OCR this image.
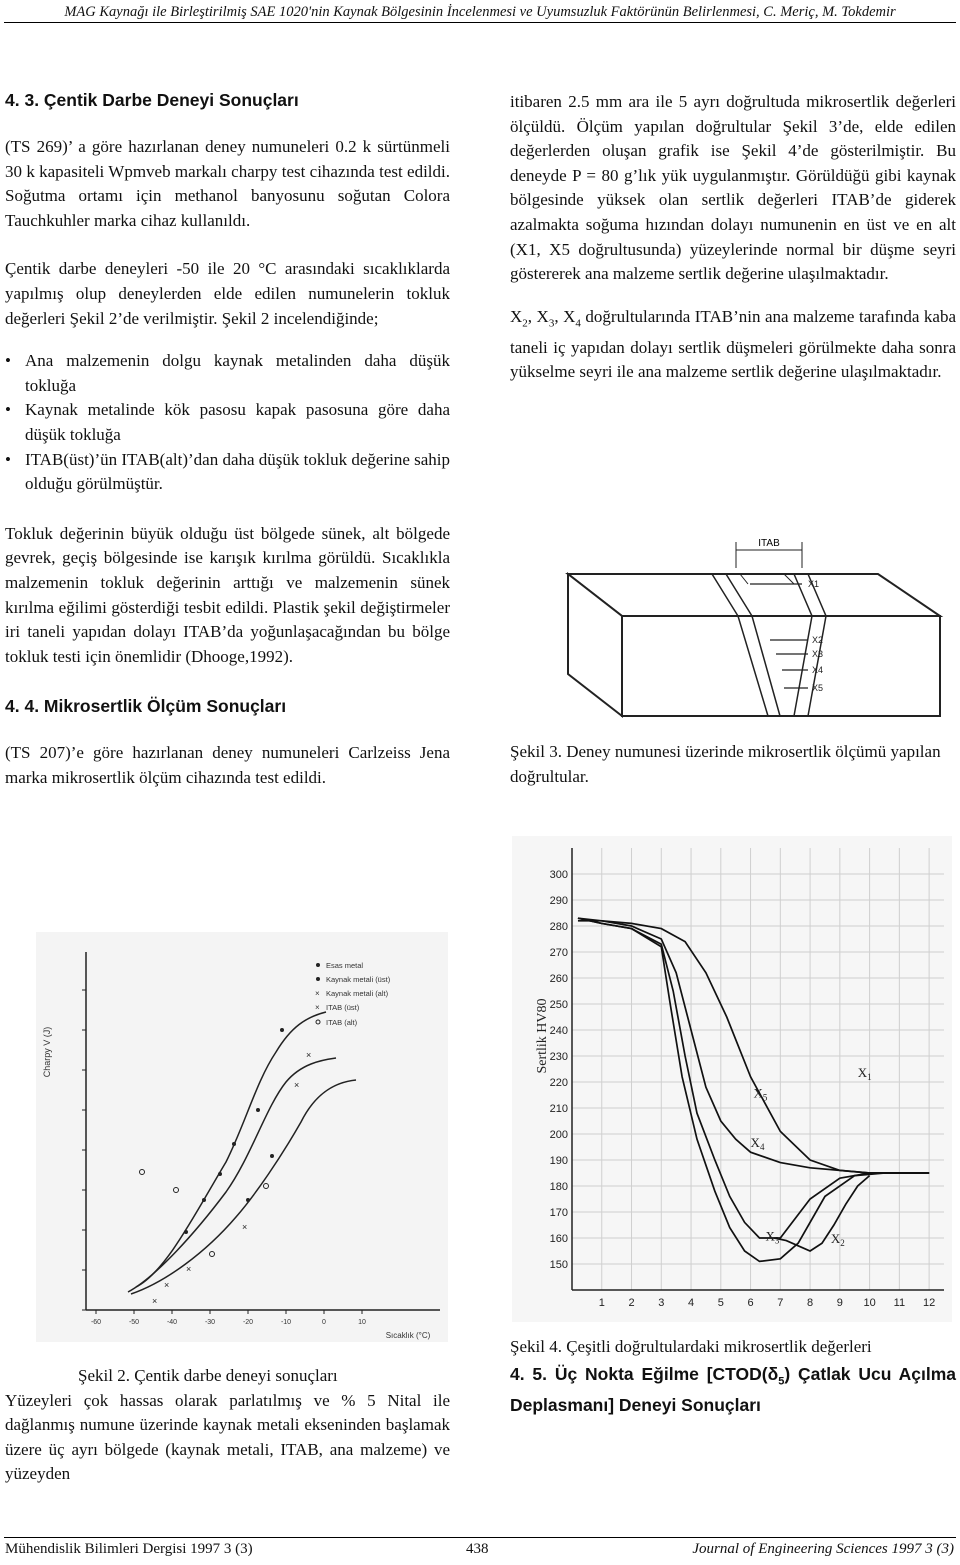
MAG Kaynağı ile Birleştirilmiş SAE 1020'nin Kaynak Bölgesinin İncelenmesi ve Uyumsuzluk Faktörünün Belirlenmesi, C. Meriç, M. Tokdemir
4. 3. Çentik Darbe Deneyi Sonuçları

(TS 269)’ a göre hazırlanan deney numuneleri 0.2 k sürtünmeli 30 k kapasiteli Wpmveb markalı charpy test cihazında test edildi. Soğutma ortamı için methanol banyosunu soğutan Colora Tauchkuhler marka cihaz kullanıldı.

Çentik darbe deneyleri -50 ile 20 °C arasındaki sıcaklıklarda yapılmış olup deneylerden elde edilen numunelerin tokluk değerleri Şekil 2’de verilmiştir. Şekil 2 incelendiğinde;

• Ana malzemenin dolgu kaynak metalinden daha düşük tokluğa

• Kaynak metalinde kök pasosu kapak pasosuna göre daha düşük tokluğa

• ITAB(üst)’ün ITAB(alt)’dan daha düşük tokluk değerine sahip olduğu görülmüştür.

Tokluk değerinin büyük olduğu üst bölgede sünek, alt bölgede gevrek, geçiş bölgesinde ise karışık kırılma görüldü. Sıcaklıkla malzemenin tokluk değerinin arttığı ve malzemenin sünek kırılma eğilimi gösterdiği tesbit edildi. Plastik şekil değiştirmeler iri taneli yapıdan dolayı ITAB’da yoğunlaşacağından bu bölge tokluk testi için önemlidir (Dhooge,1992).

4. 4. Mikrosertlik Ölçüm Sonuçları

(TS 207)’e göre hazırlanan deney numuneleri Carlzeiss Jena marka mikrosertlik ölçüm cihazında test edildi.

-60	-50	-40	-30	-20	-10	0	10
Charpy V (J)
Sıcaklık (°C)
Esas metal
Kaynak metali (üst)
× Kaynak metali (alt)
× ITAB (üst)
ITAB (alt)
×
×
×
×
×
×
Şekil 2. Çentik darbe deneyi sonuçları

Yüzeyleri çok hassas olarak parlatılmış ve % 5 Nital ile dağlanmış numune üzerinde kaynak metali ekseninden başlamak üzere üç ayrı bölgede (kaynak metali, ITAB, ana malzeme) ve yüzeyden

itibaren 2.5 mm ara ile 5 ayrı doğrultuda mikrosertlik değerleri ölçüldü. Ölçüm yapılan doğrultular Şekil 3’de, elde edilen değerlerden oluşan grafik ise Şekil 4’de gösterilmiştir. Bu deneyde P = 80 g’lık yük uygulanmıştır. Görüldüğü gibi kaynak bölgesinde yüksek olan sertlik değerleri ITAB’de giderek azalmakta soğuma hızından dolayı numunenin en üst ve en alt (X1, X5 doğrultusunda) yüzeylerinde normal bir düşme seyri göstererek ana malzeme sertlik değerine ulaşılmaktadır.

$X_2$, $X_3$, $X_4$ doğrultularında ITAB’nin ana malzeme tarafında kaba taneli iç yapıdan dolayı sertlik düşmeleri görülmekte daha sonra yükselme seyri ile ana malzeme sertlik değerine ulaşılmaktadır.

ITAB
X1
X2
X3
X4
X5
Şekil 3. Deney numunesi üzerinde mikrosertlik ölçümü yapılan doğrultular.
300
290
280
270
260
250
240
230
220
210
200
190
180
170
160
150
1 2 3 4 5 6 7 8 9 10 11 12
$X_1$
$X_5$
$X_4$
$X_3$	$X_2$
Sertlik HV80

Şekil 4. Çeşitli doğrultulardaki mikrosertlik değerleri

4. 5. Üç Nokta Eğilme [$CTOD(\delta_5)$ Çatlak Ucu Açılma Deplasmanı] Deneyi Sonuçları
Mühendislik Bilimleri Dergisi 1997 3 (3)	438	Journal of Engineering Sciences 1997 3 (3)
